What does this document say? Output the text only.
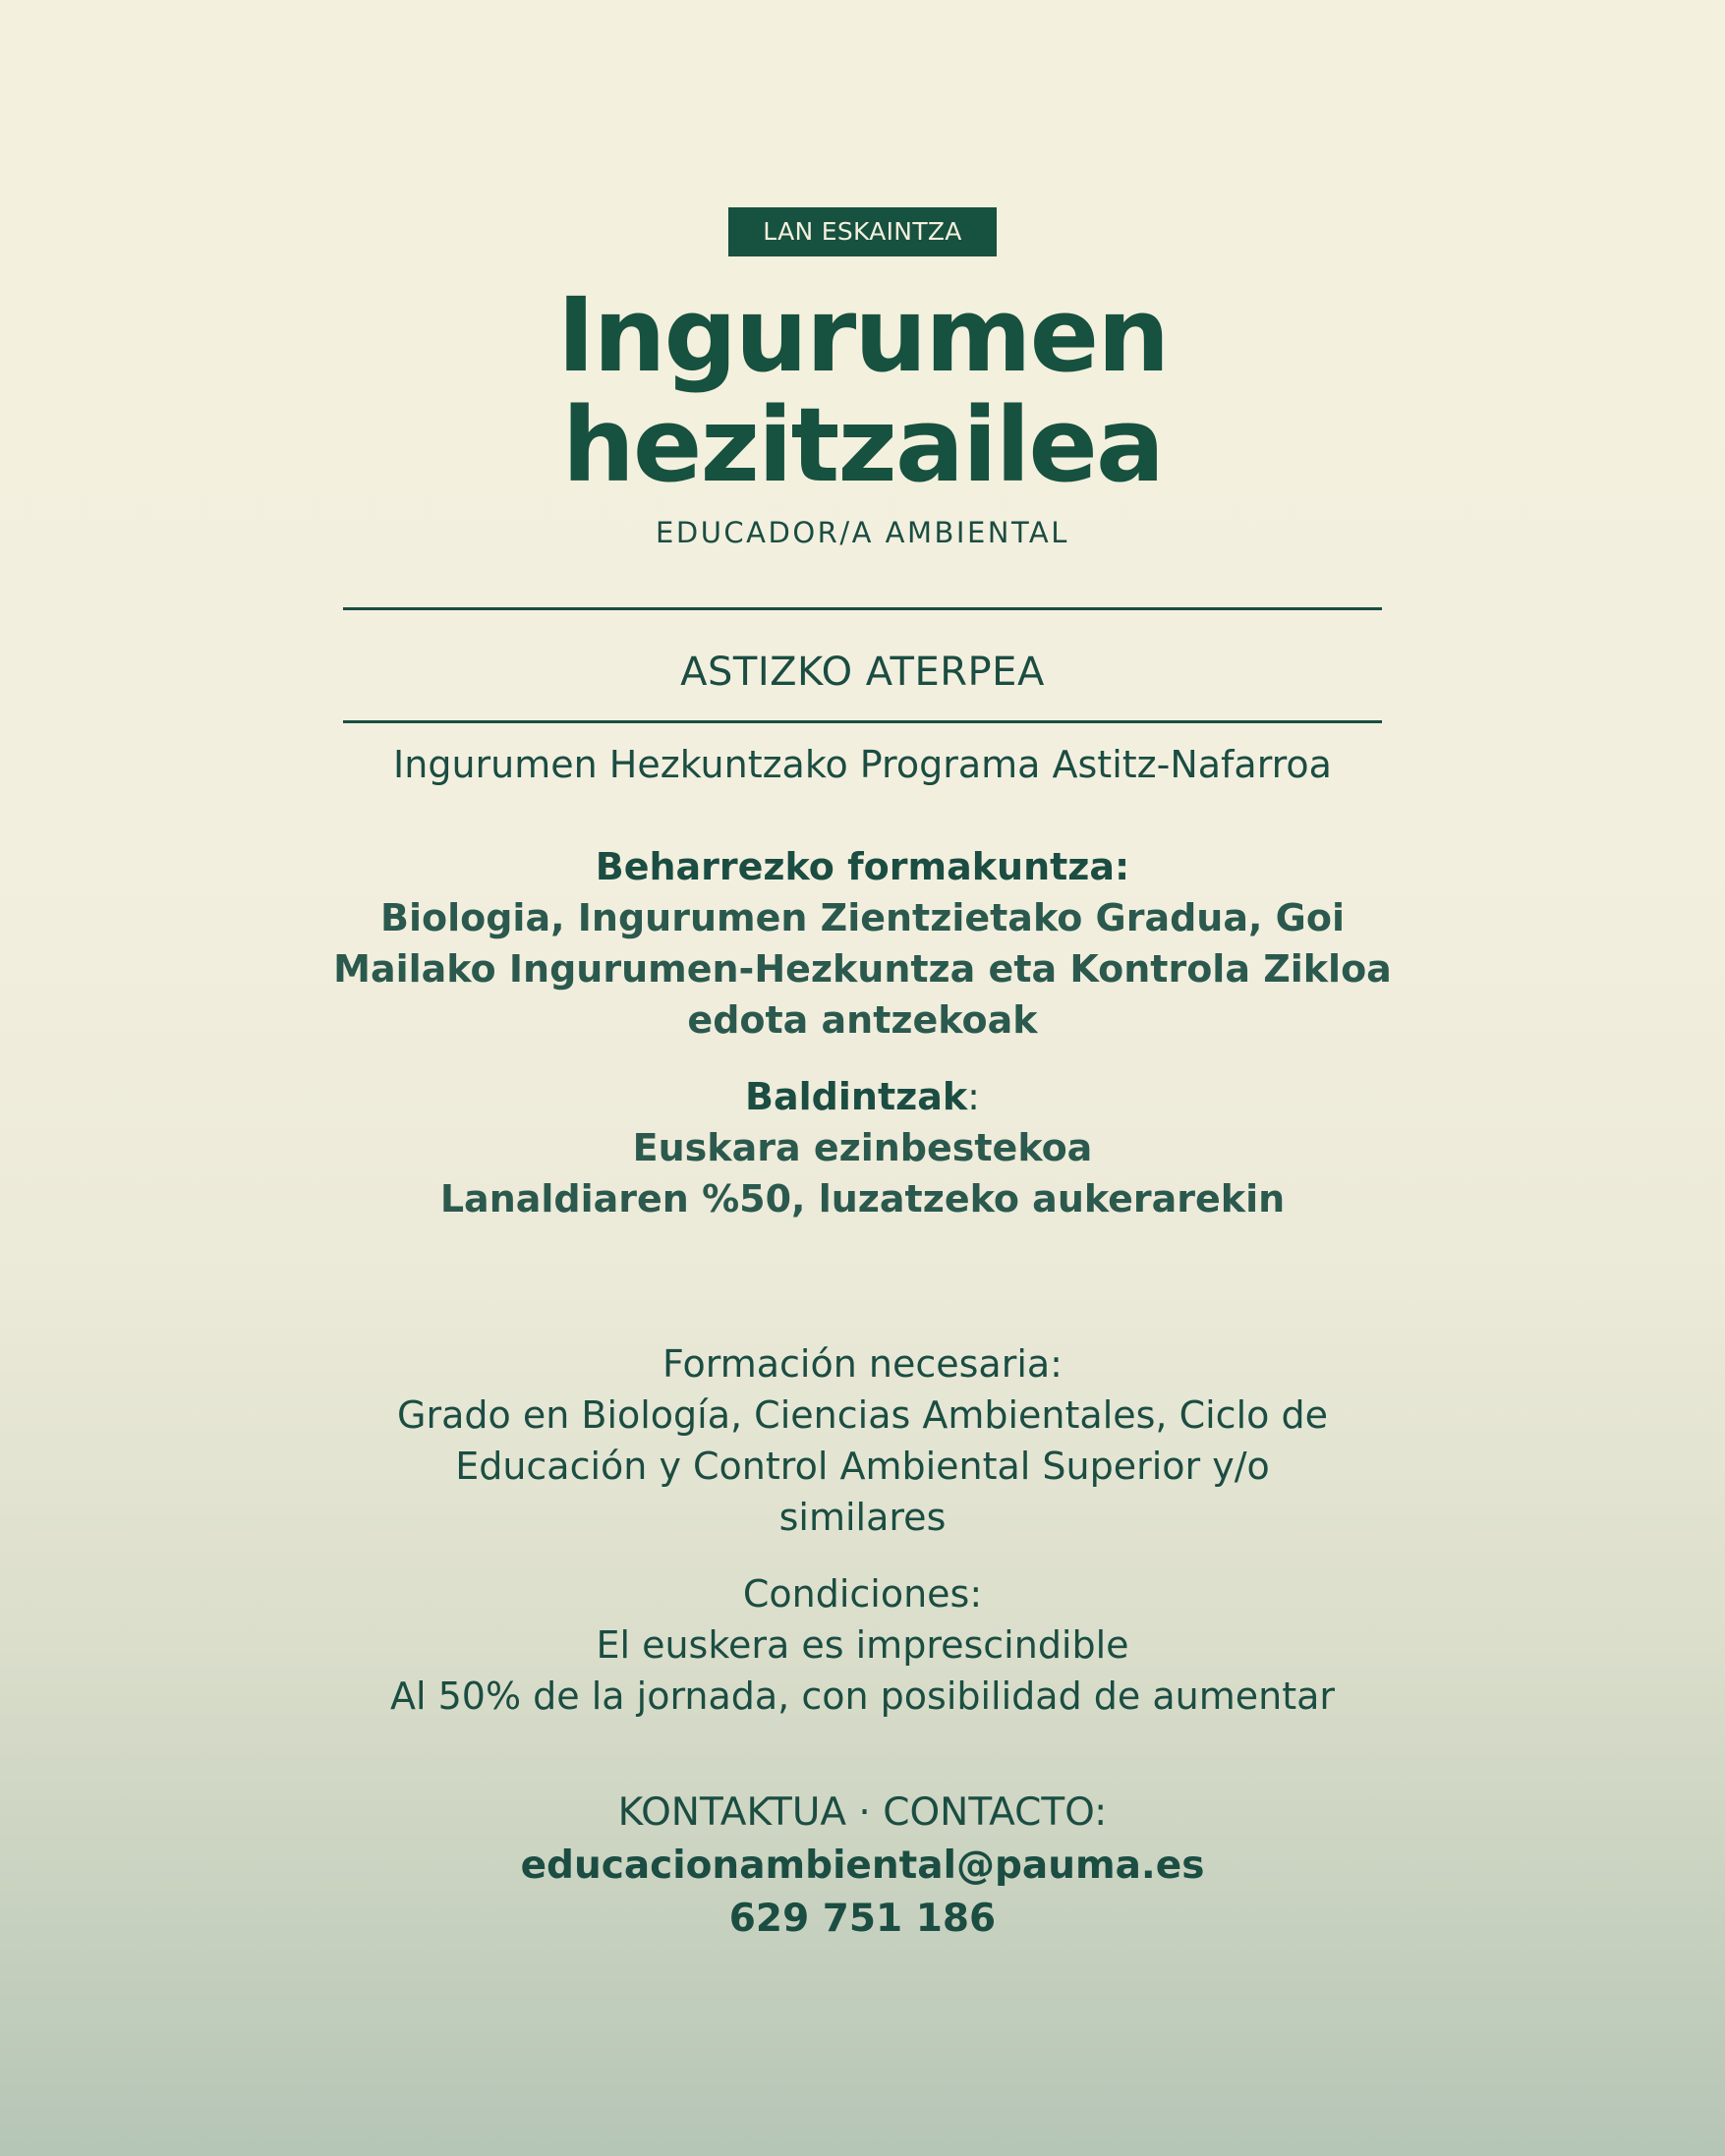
LAN ESKAINTZA
Ingurumen
hezitzailea
EDUCADOR/A AMBIENTAL
ASTIZKO ATERPEA
Ingurumen Hezkuntzako Programa Astitz-Nafarroa
Beharrezko formakuntza:
Biologia, Ingurumen Zientzietako Gradua, Goi
Mailako Ingurumen-Hezkuntza eta Kontrola Zikloa
edota antzekoak
Baldintzak:
Euskara ezinbestekoa
Lanaldiaren %50, luzatzeko aukerarekin
Formación necesaria:
Grado en Biología, Ciencias Ambientales, Ciclo de
Educación y Control Ambiental Superior y/o
similares
Condiciones:
El euskera es imprescindible
Al 50% de la jornada, con posibilidad de aumentar
KONTAKTUA · CONTACTO:
educacionambiental@pauma.es
629 751 186
